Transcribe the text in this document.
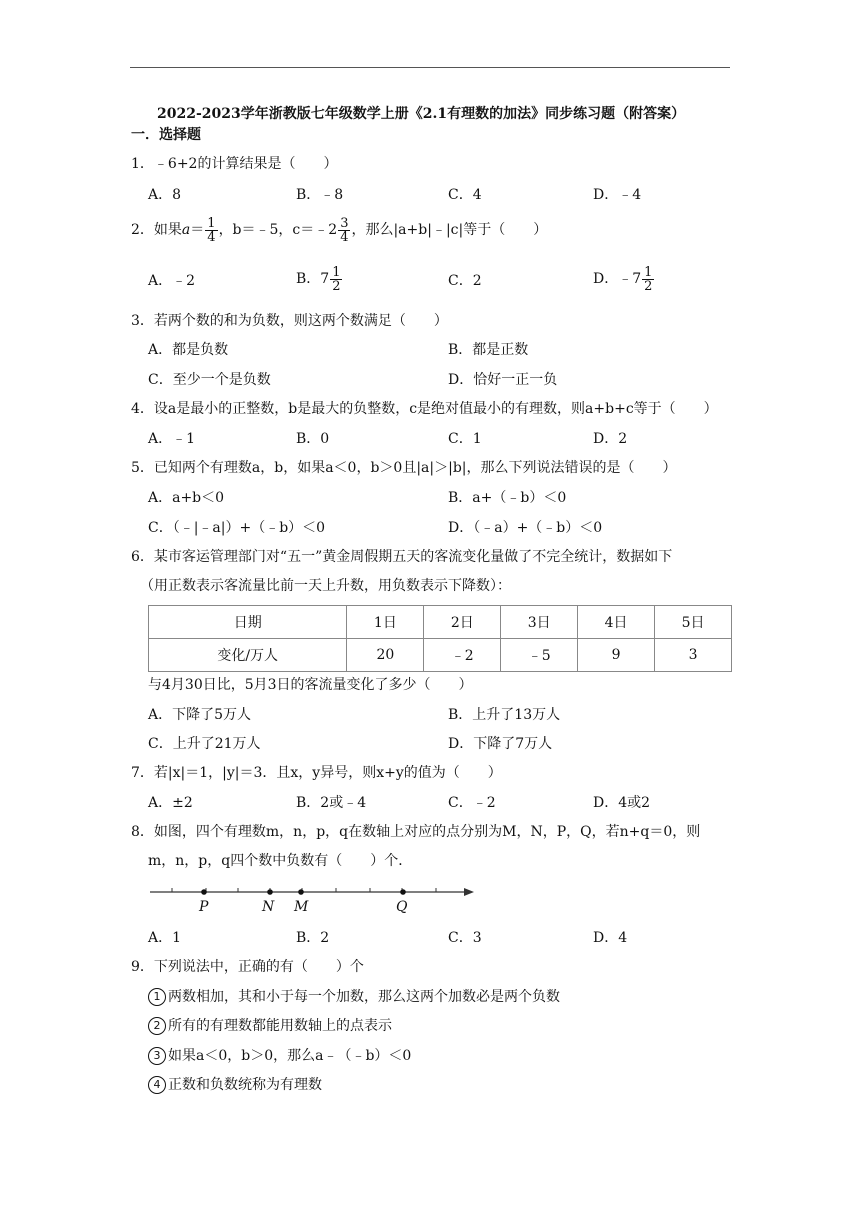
2022-2023学年浙教版七年级数学上册《2.1有理数的加法》同步练习题（附答案）
一．选择题
1．﹣6+2的计算结果是（　　）
A．8	B．﹣8	C．4	D．﹣4
2．如果$a= \frac{1}{4}$ ，b＝﹣5，c＝﹣2 $\frac{3}{4}$ ，那么|a+b|﹣|c|等于（　　）
A．﹣2	B．$7 \frac{1}{2}$	C．2	D．﹣7 $\frac{1}{2}$
3．若两个数的和为负数，则这两个数满足（　　）
A．都是负数	B．都是正数
C．至少一个是负数	D．恰好一正一负
4．设a是最小的正整数，b是最大的负整数，c是绝对值最小的有理数，则a+b+c等于（　　）
A．﹣1	B．0	C．1	D．2
5．已知两个有理数a，b，如果a＜0，b＞0且|a|＞|b|，那么下列说法错误的是（　　）
A．a+b＜0	B．a+（﹣b）＜0
C．（﹣|﹣a|）+（﹣b）＜0	D．（﹣a）+（﹣b）＜0
6．某市客运管理部门对“五一”黄金周假期五天的客流变化量做了不完全统计，数据如下
（用正数表示客流量比前一天上升数，用负数表示下降数）：
日期	1日	2日	3日	4日	5日
变化/万人	20	﹣2	﹣5	9	3
与4月30日比，5月3日的客流量变化了多少（　　）
A．下降了5万人	B．上升了13万人
C．上升了21万人	D．下降了7万人
7．若|x|＝1，|y|＝3．且x，y异号，则x+y的值为（　　）
A．±2	B．2或﹣4	C．﹣2	D．4或2
8．如图，四个有理数m，n，p，q在数轴上对应的点分别为M，N，P，Q，若n+q＝0，则
m，n，p，q四个数中负数有（　　）个．
P	N M	Q
A．1	B．2	C．3	D．4
9．下列说法中，正确的有（　　）个
1 两数相加，其和小于每一个加数，那么这两个加数必是两个负数
2 所有的有理数都能用数轴上的点表示
3 如果a＜0，b＞0，那么a﹣（﹣b）＜0
4 正数和负数统称为有理数
